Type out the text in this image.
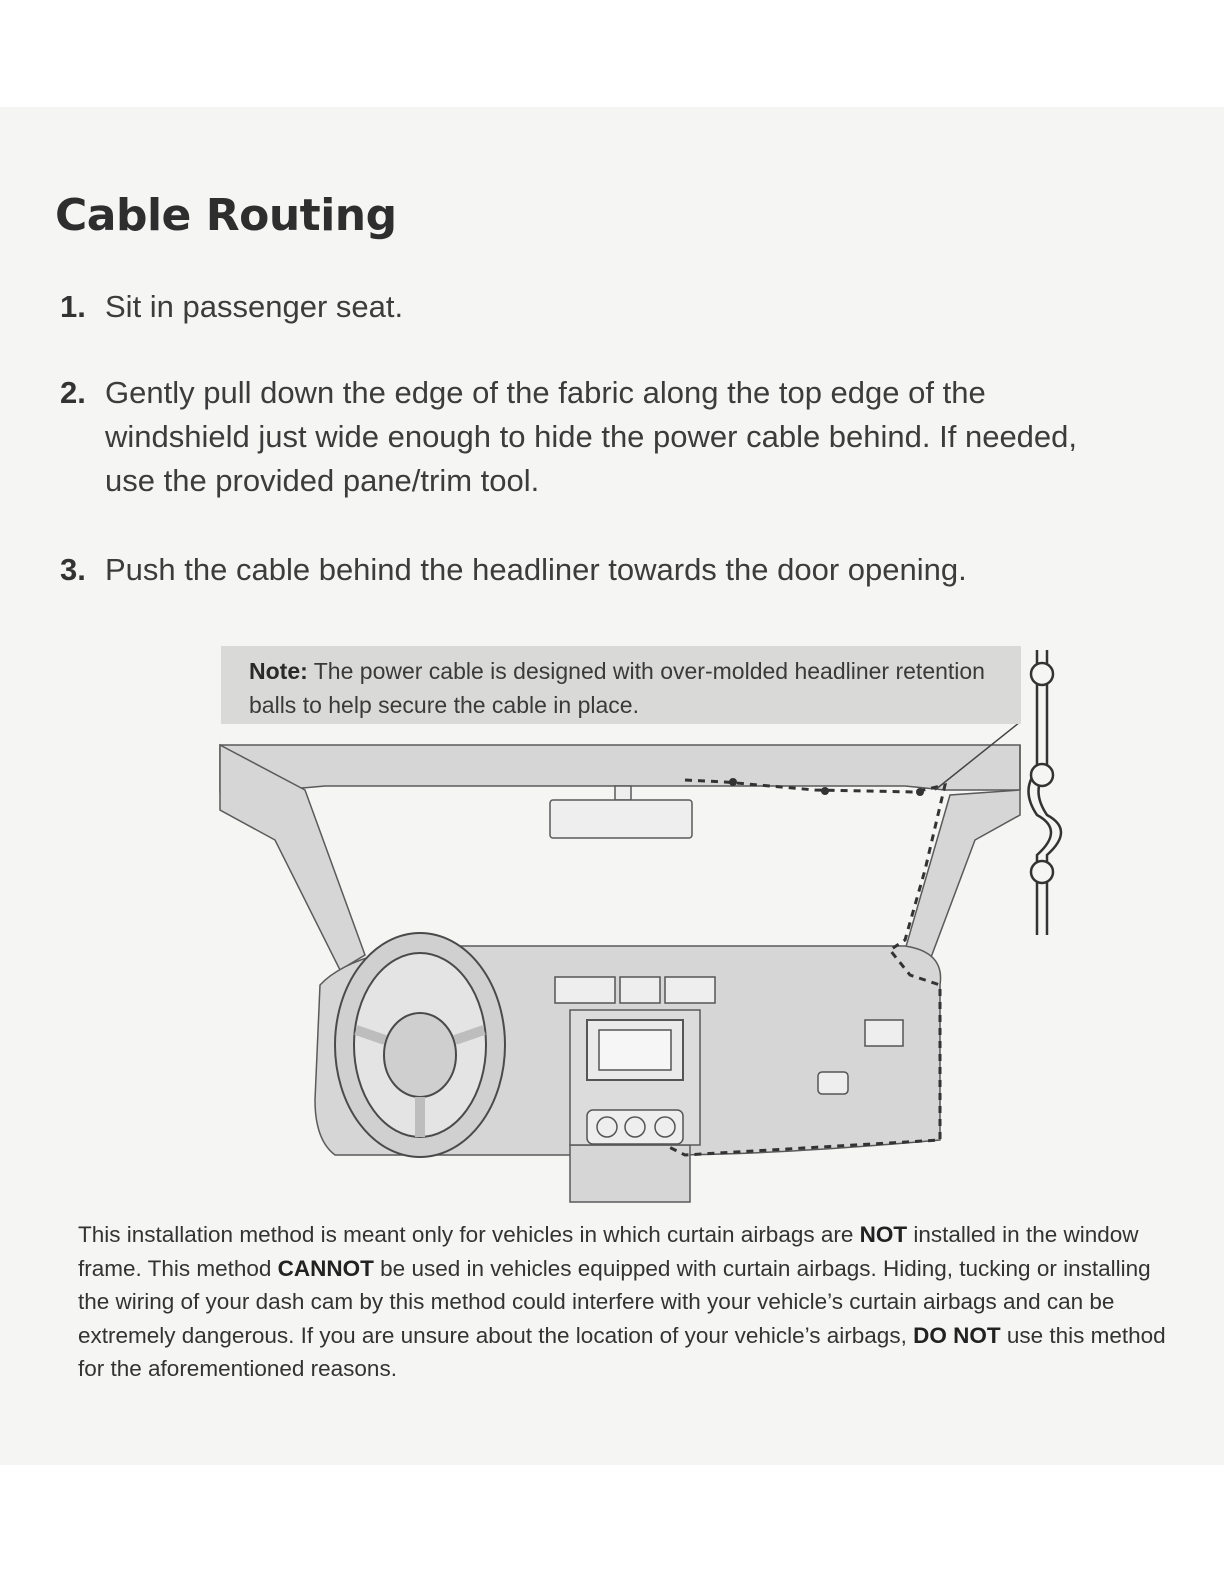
Cable Routing
1. Sit in passenger seat.
2. Gently pull down the edge of the fabric along the top edge of the windshield just wide enough to hide the power cable behind. If needed, use the provided pane/trim tool.
3. Push the cable behind the headliner towards the door opening.
Note: The power cable is designed with over-molded headliner retention balls to help secure the cable in place.
This installation method is meant only for vehicles in which curtain airbags are NOT installed in the window frame. This method CANNOT be used in vehicles equipped with curtain airbags. Hiding, tucking or installing the wiring of your dash cam by this method could interfere with your vehicle’s curtain airbags and can be extremely dangerous. If you are unsure about the location of your vehicle’s airbags, DO NOT use this method for the aforementioned reasons.
